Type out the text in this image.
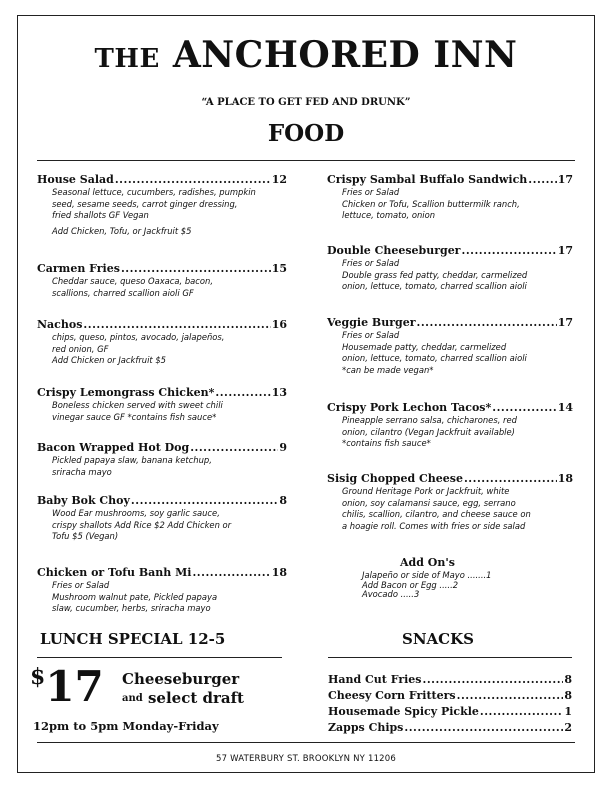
THE ANCHORED INN
“A PLACE TO GET FED AND DRUNK”
FOOD
House Salad .....	12
Seasonal lettuce, cucumbers, radishes, pumpkin
seed, sesame seeds, carrot ginger dressing,
fried shallots GF Vegan
Add Chicken, Tofu, or Jackfruit $5
Carmen Fries .....	15
Cheddar sauce, queso Oaxaca, bacon,
scallions, charred scallion aioli GF
Nachos .....	16
chips, queso, pintos, avocado, jalapeños,
red onion, GF
Add Chicken or Jackfruit $5
Crispy Lemongrass Chicken* .....	13
Boneless chicken served with sweet chili
vinegar sauce GF *contains fish sauce*
Bacon Wrapped Hot Dog .....	9
Pickled papaya slaw, banana ketchup,
sriracha mayo
Baby Bok Choy .....	8
Wood Ear mushrooms, soy garlic sauce,
crispy shallots Add Rice $2 Add Chicken or
Tofu $5 (Vegan)
Chicken or Tofu Banh Mi .....	18
Fries or Salad
Mushroom walnut pate, Pickled papaya
slaw, cucumber, herbs, sriracha mayo
Crispy Sambal Buffalo Sandwich .....	17
Fries or Salad
Chicken or Tofu, Scallion buttermilk ranch,
lettuce, tomato, onion
Double Cheeseburger .....	17
Fries or Salad
Double grass fed patty, cheddar, carmelized
onion, lettuce, tomato, charred scallion aioli
Veggie Burger .....	17
Fries or Salad
Housemade patty, cheddar, carmelized
onion, lettuce, tomato, charred scallion aioli
*can be made vegan*
Crispy Pork Lechon Tacos* .....	14
Pineapple serrano salsa, chicharones, red
onion, cilantro (Vegan Jackfruit available)
*contains fish sauce*
Sisig Chopped Cheese .....	18
Ground Heritage Pork or Jackfruit, white
onion, soy calamansi sauce, egg, serrano
chilis, scallion, cilantro, and cheese sauce on
a hoagie roll. Comes with fries or side salad
Add On's
Jalapeño or side of Mayo .......1
Add Bacon or Egg .....2
Avocado .....3
LUNCH SPECIAL 12-5
$17 Cheeseburger
$^{and}$ select draft
12pm to 5pm Monday-Friday
SNACKS
Hand Cut Fries .....	8
Cheesy Corn Fritters .....	8
Housemade Spicy Pickle .....	1
Zapps Chips .....	2
57 WATERBURY ST. BROOKLYN NY 11206
